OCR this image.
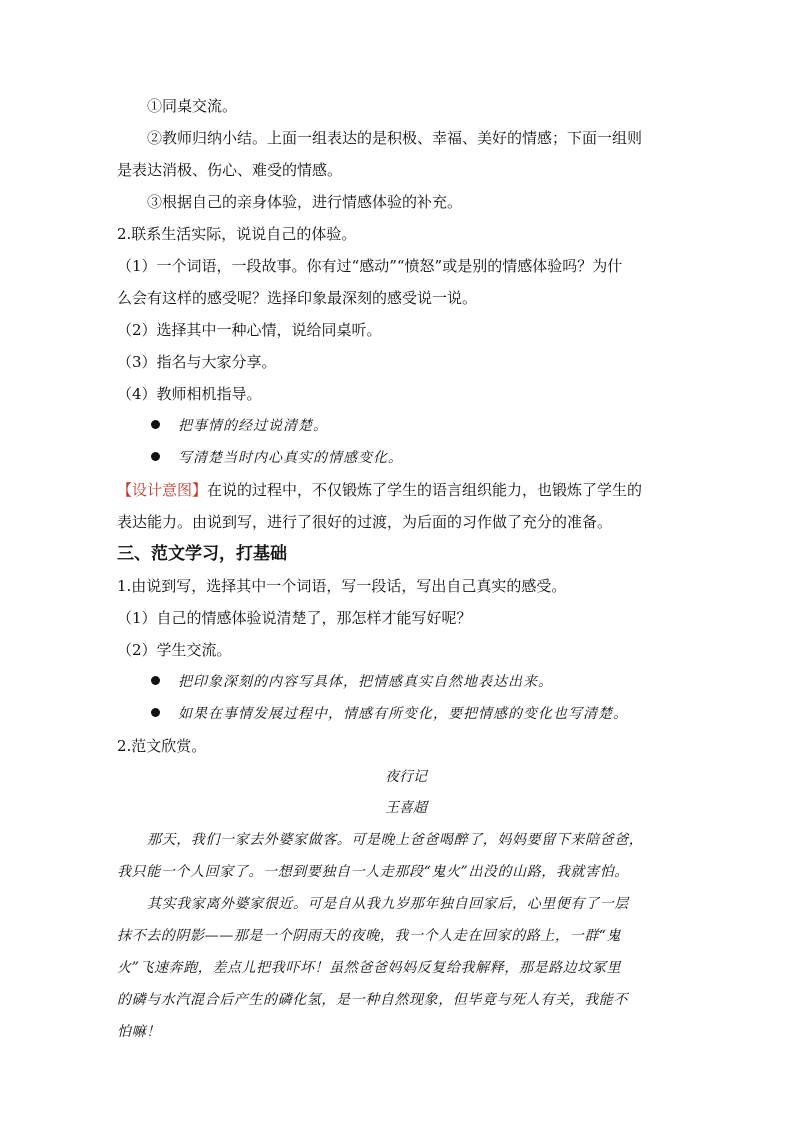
①同桌交流。
②教师归纳小结。上面一组表达的是积极、幸福、美好的情感；下面一组则
是表达消极、伤心、难受的情感。
③根据自己的亲身体验，进行情感体验的补充。
2.联系生活实际，说说自己的体验。
（1）一个词语，一段故事。你有过“感动”“愤怒”或是别的情感体验吗？为什
么会有这样的感受呢？选择印象最深刻的感受说一说。
（2）选择其中一种心情，说给同桌听。
（3）指名与大家分享。
（4）教师相机指导。
把事情的经过说清楚。
写清楚当时内心真实的情感变化。
【设计意图】在说的过程中，不仅锻炼了学生的语言组织能力，也锻炼了学生的
表达能力。由说到写，进行了很好的过渡，为后面的习作做了充分的准备。
三、范文学习，打基础
1.由说到写，选择其中一个词语，写一段话，写出自己真实的感受。
（1）自己的情感体验说清楚了，那怎样才能写好呢？
（2）学生交流。
把印象深刻的内容写具体，把情感真实自然地表达出来。
如果在事情发展过程中，情感有所变化，要把情感的变化也写清楚。
2.范文欣赏。
夜行记
王喜超
那天，我们一家去外婆家做客。可是晚上爸爸喝醉了，妈妈要留下来陪爸爸，
我只能一个人回家了。一想到要独自一人走那段“鬼火”出没的山路，我就害怕。
其实我家离外婆家很近。可是自从我九岁那年独自回家后，心里便有了一层
抹不去的阴影——那是一个阴雨天的夜晚，我一个人走在回家的路上，一群“鬼
火”飞速奔跑，差点儿把我吓坏！虽然爸爸妈妈反复给我解释，那是路边坟冢里
的磷与水汽混合后产生的磷化氢，是一种自然现象，但毕竟与死人有关，我能不
怕嘛！
